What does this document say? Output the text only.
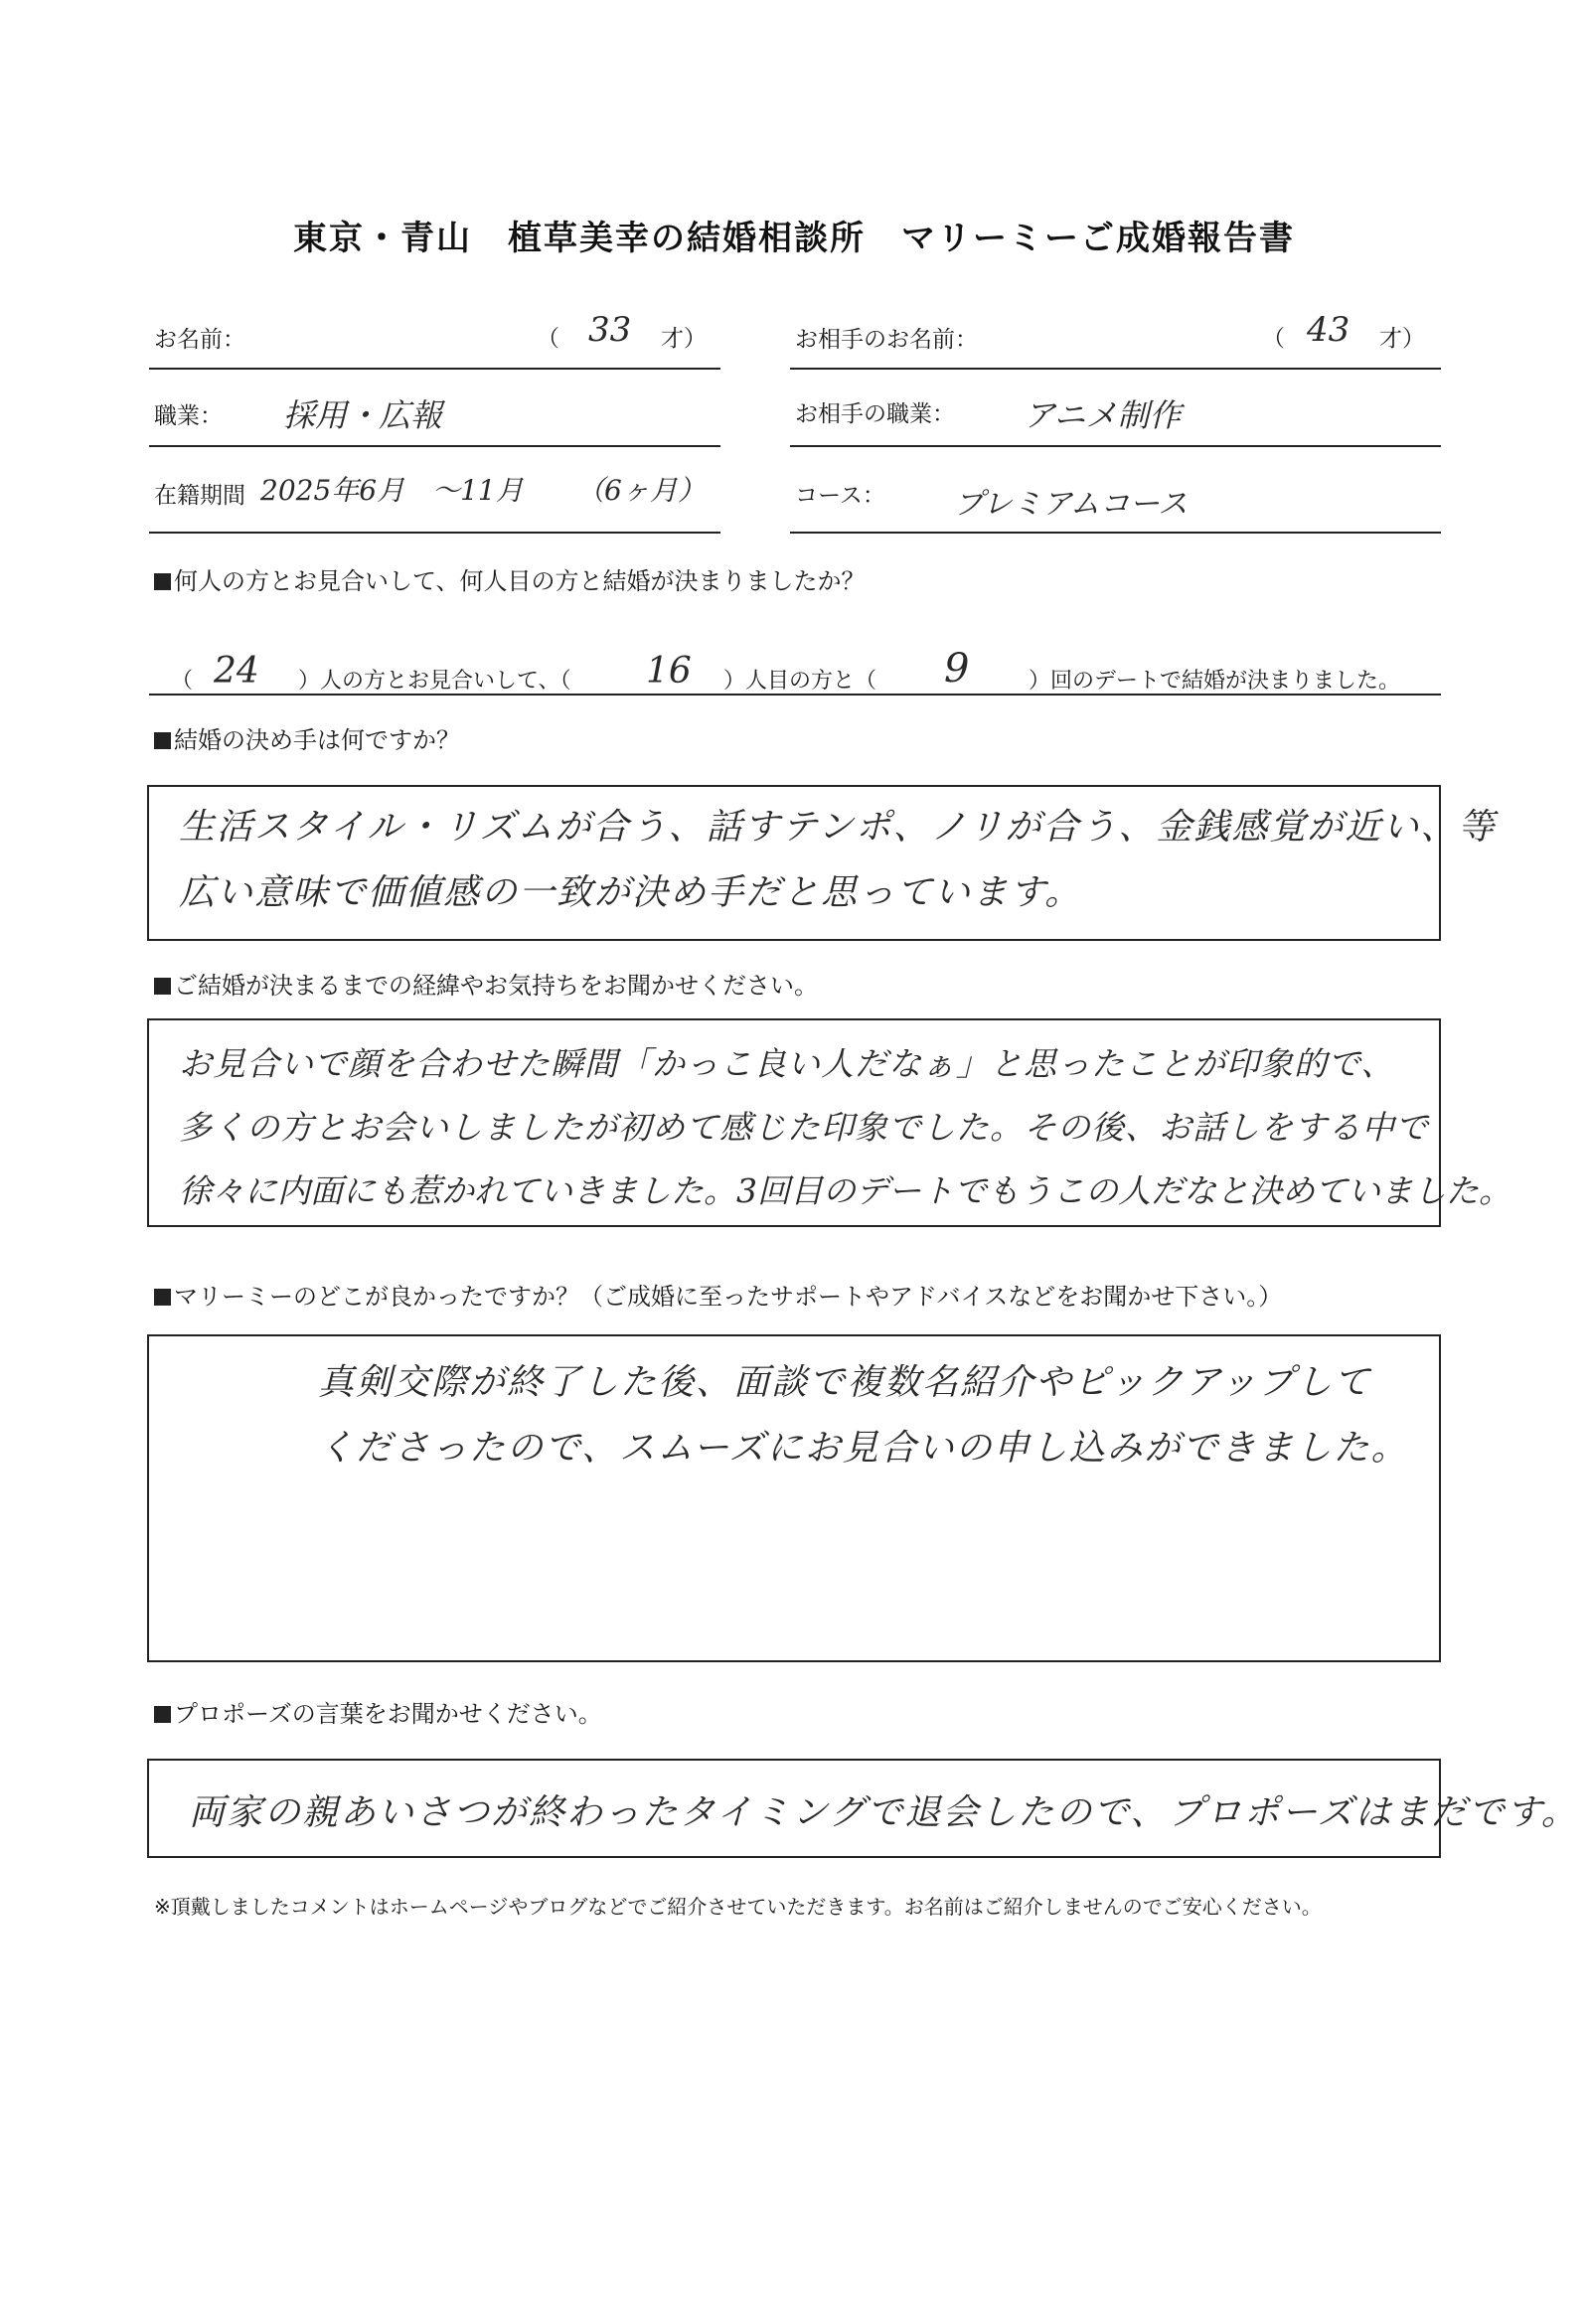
東京・青山　植草美幸の結婚相談所　マリーミーご成婚報告書
お名前：	（ 33 才）	お相手のお名前：	（ 43 才）
職業： 採用・広報	お相手の職業： アニメ制作
在籍期間 2025年6月　〜11月 （6ヶ月）	コース： プレミアムコース
何人の方とお見合いして、何人目の方と結婚が決まりましたか？
（ 24 ）人の方とお見合いして、（ 16 ）人目の方と（ 9	）回のデートで結婚が決まりました。
結婚の決め手は何ですか？
生活スタイル・リズムが合う、話すテンポ、ノリが合う、金銭感覚が近い、等
広い意味で価値感の一致が決め手だと思っています。
ご結婚が決まるまでの経緯やお気持ちをお聞かせください。
お見合いで顔を合わせた瞬間「かっこ良い人だなぁ」と思ったことが印象的で、
多くの方とお会いしましたが初めて感じた印象でした。その後、お話しをする中で
徐々に内面にも惹かれていきました。3回目のデートでもうこの人だなと決めていました。
マリーミーのどこが良かったですか？（ご成婚に至ったサポートやアドバイスなどをお聞かせ下さい。）
真剣交際が終了した後、面談で複数名紹介やピックアップして
くださったので、スムーズにお見合いの申し込みができました。
プロポーズの言葉をお聞かせください。
両家の親あいさつが終わったタイミングで退会したので、プロポーズはまだです。
※頂戴しましたコメントはホームページやブログなどでご紹介させていただきます。お名前はご紹介しませんのでご安心ください。
